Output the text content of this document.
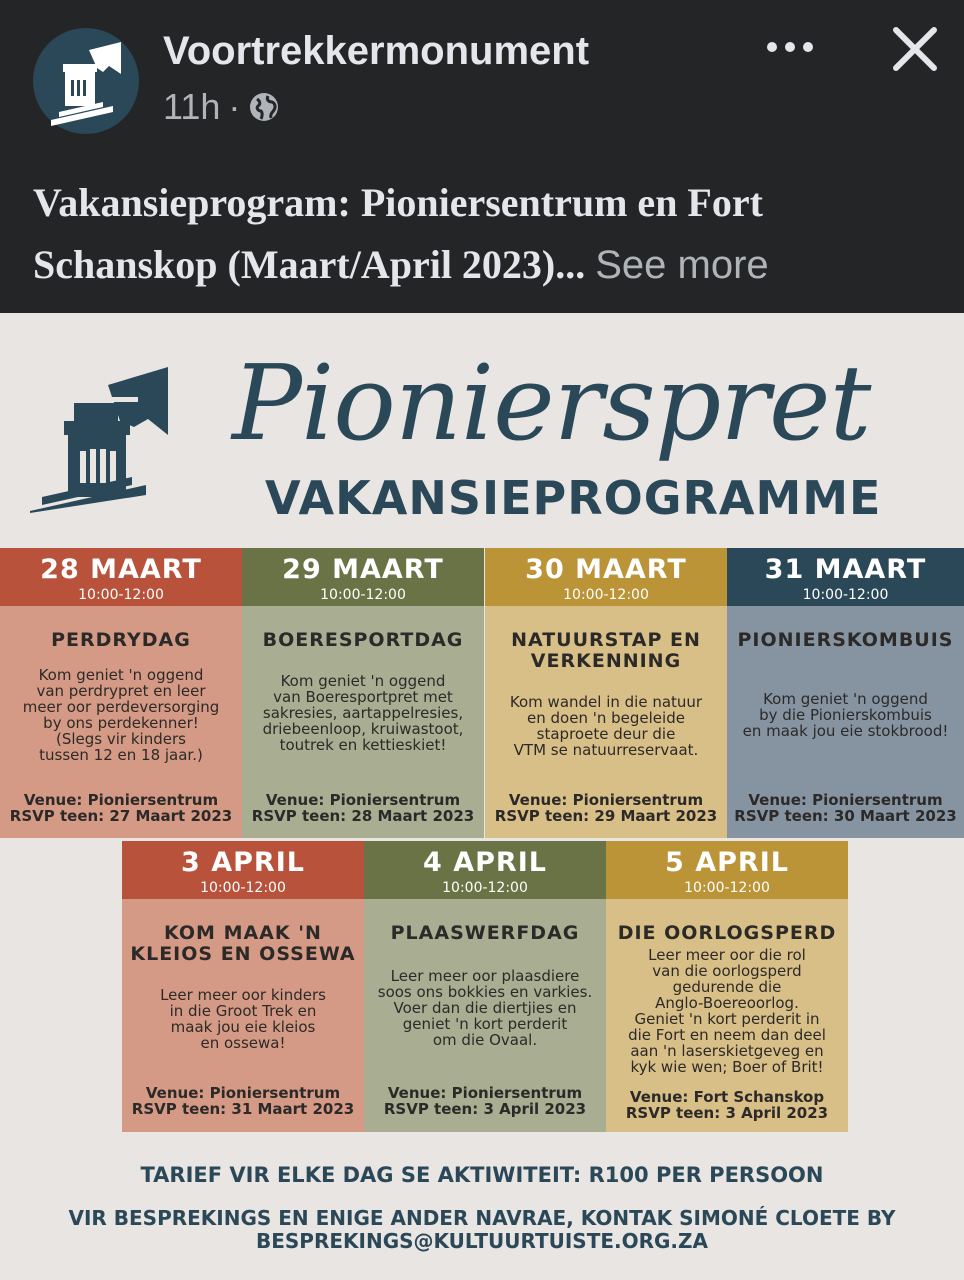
Voortrekkermonument
11h ·
Vakansieprogram: Pioniersentrum en Fort Schanskop (Maart/April 2023)... See more
Pionierspret
VAKANSIEPROGRAMME
28 MAART
10:00-12:00
PERDRYDAG
Kom geniet 'n oggend
van perdrypret en leer
meer oor perdeversorging
by ons perdekenner!
(Slegs vir kinders
tussen 12 en 18 jaar.)
Venue: Pioniersentrum
RSVP teen: 27 Maart 2023
29 MAART
10:00-12:00
BOERESPORTDAG
Kom geniet 'n oggend
van Boeresportpret met
sakresies, aartappelresies,
driebeenloop, kruiwastoot,
toutrek en kettieskiet!
Venue: Pioniersentrum
RSVP teen: 28 Maart 2023
30 MAART
10:00-12:00
NATUURSTAP EN VERKENNING
Kom wandel in die natuur
en doen 'n begeleide
staproete deur die
VTM se natuurreservaat.
Venue: Pioniersentrum
RSVP teen: 29 Maart 2023
31 MAART
10:00-12:00
PIONIERSKOMBUIS
Kom geniet 'n oggend
by die Pionierskombuis
en maak jou eie stokbrood!
Venue: Pioniersentrum
RSVP teen: 30 Maart 2023
3 APRIL
10:00-12:00
KOM MAAK 'N KLEIOS EN OSSEWA
Leer meer oor kinders
in die Groot Trek en
maak jou eie kleios
en ossewa!
Venue: Pioniersentrum
RSVP teen: 31 Maart 2023
4 APRIL
10:00-12:00
PLAASWERFDAG
Leer meer oor plaasdiere
soos ons bokkies en varkies.
Voer dan die diertjies en
geniet 'n kort perderit
om die Ovaal.
Venue: Pioniersentrum
RSVP teen: 3 April 2023
5 APRIL
10:00-12:00
DIE OORLOGSPERD
Leer meer oor die rol
van die oorlogsperd
gedurende die
Anglo-Boereoorlog.
Geniet 'n kort perderit in
die Fort en neem dan deel
aan 'n laserskietgeveg en
kyk wie wen; Boer of Brit!
Venue: Fort Schanskop
RSVP teen: 3 April 2023
TARIEF VIR ELKE DAG SE AKTIWITEIT: R100 PER PERSOON
VIR BESPREKINGS EN ENIGE ANDER NAVRAE, KONTAK SIMONÉ CLOETE BY
BESPREKINGS@KULTUURTUISTE.ORG.ZA
